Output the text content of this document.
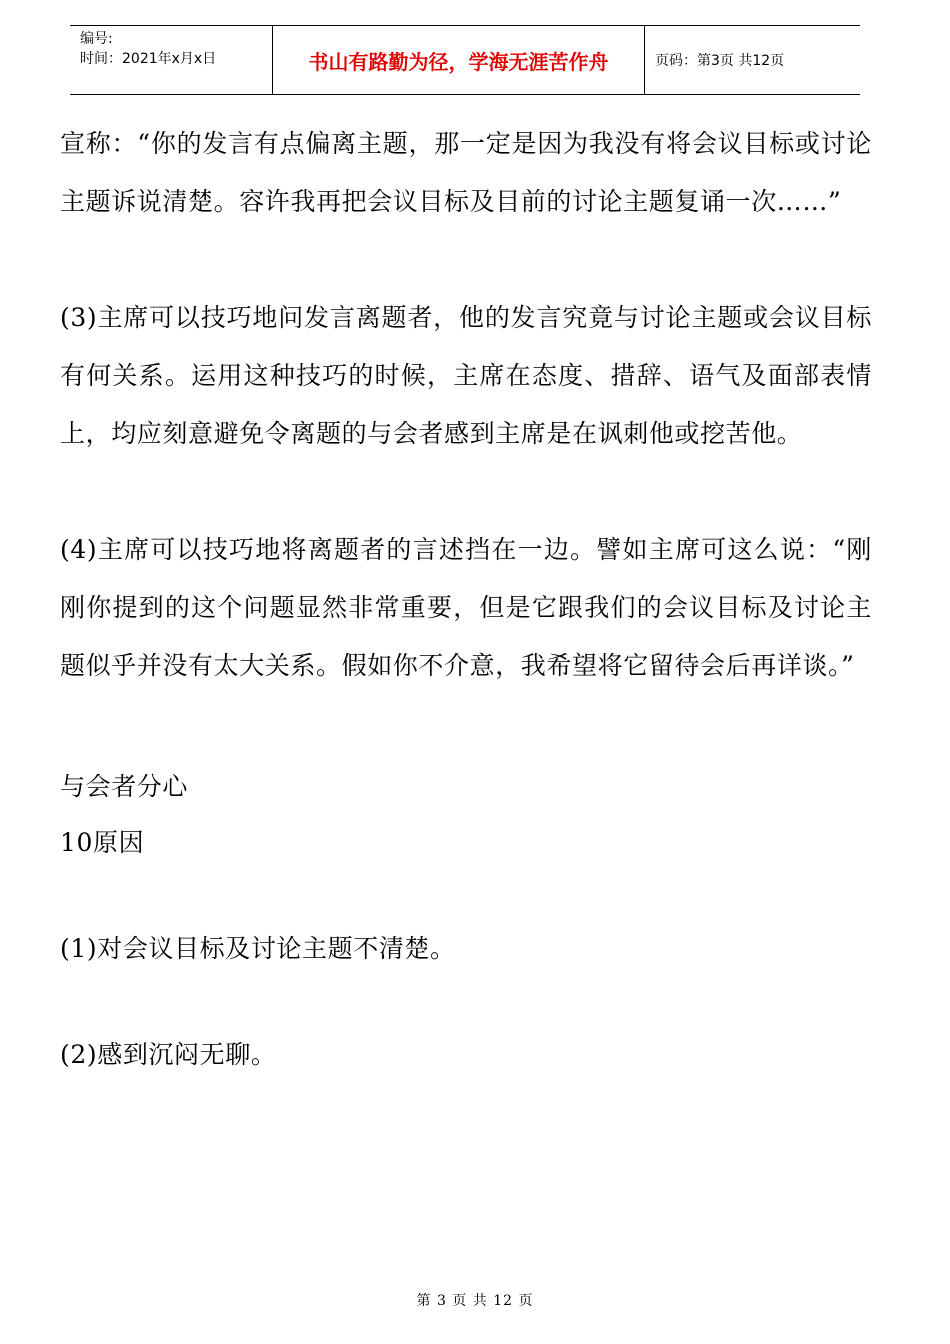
编号:
时间：2021年x月x日	书山有路勤为径，学海无涯苦作舟	页码：第3页 共12页

宣称：“你的发言有点偏离主题，那一定是因为我没有将会议目标或讨论主题诉说清楚。容许我再把会议目标及目前的讨论主题复诵一次……”

(3)主席可以技巧地问发言离题者，他的发言究竟与讨论主题或会议目标有何关系。运用这种技巧的时候，主席在态度、措辞、语气及面部表情上，均应刻意避免令离题的与会者感到主席是在讽刺他或挖苦他。

(4)主席可以技巧地将离题者的言述挡在一边。譬如主席可这么说：“刚刚你提到的这个问题显然非常重要，但是它跟我们的会议目标及讨论主题似乎并没有太大关系。假如你不介意，我希望将它留待会后再详谈。”

与会者分心

10原因

(1)对会议目标及讨论主题不清楚。

(2)感到沉闷无聊。

第 3 页 共 12 页
